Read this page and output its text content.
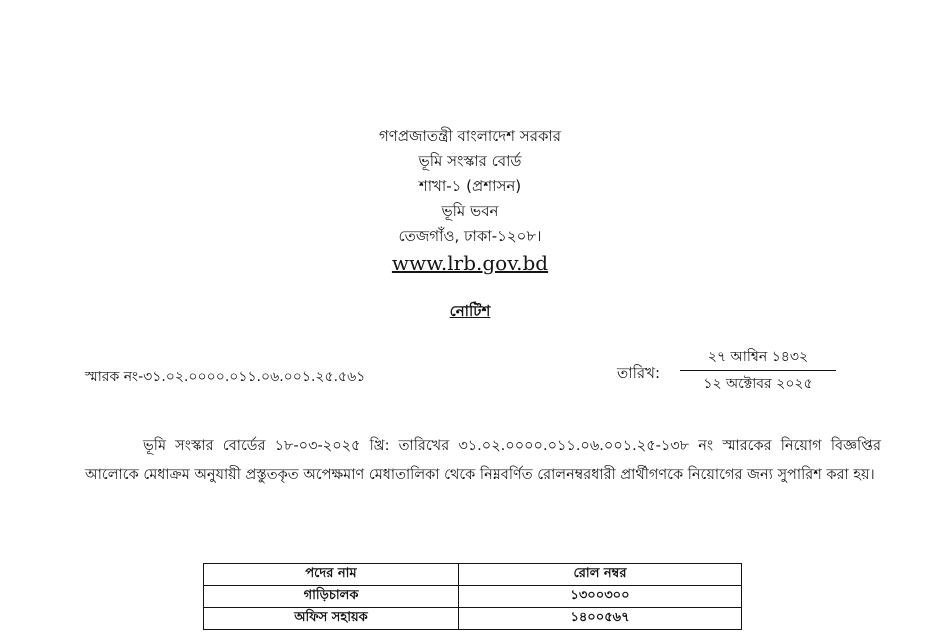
গণপ্রজাতন্ত্রী বাংলাদেশ সরকার
ভূমি সংস্কার বোর্ড
শাখা-১ (প্রশাসন)
ভূমি ভবন
তেজগাঁও, ঢাকা-১২০৮।
www.lrb.gov.bd
নোটিশ
স্মারক নং-৩১.০২.০০০০.০১১.০৬.০০১.২৫.৫৬১	তারিখ:
২৭ আশ্বিন ১৪৩২
১২ অক্টোবর ২০২৫
ভূমি সংস্কার বোর্ডের ১৮-০৩-২০২৫ খ্রি: তারিখের ৩১.০২.০০০০.০১১.০৬.০০১.২৫-১৩৮ নং স্মারকের নিয়োগ বিজ্ঞপ্তির আলোকে মেধাক্রম অনুযায়ী প্রস্তুতকৃত অপেক্ষমাণ মেধাতালিকা থেকে নিম্নবর্ণিত রোলনম্বরধারী প্রার্থীগণকে নিয়োগের জন্য সুপারিশ করা হয়।
পদের নাম	রোল নম্বর
গাড়িচালক	১৩০০৩০০
অফিস সহায়ক	১৪০০৫৬৭
